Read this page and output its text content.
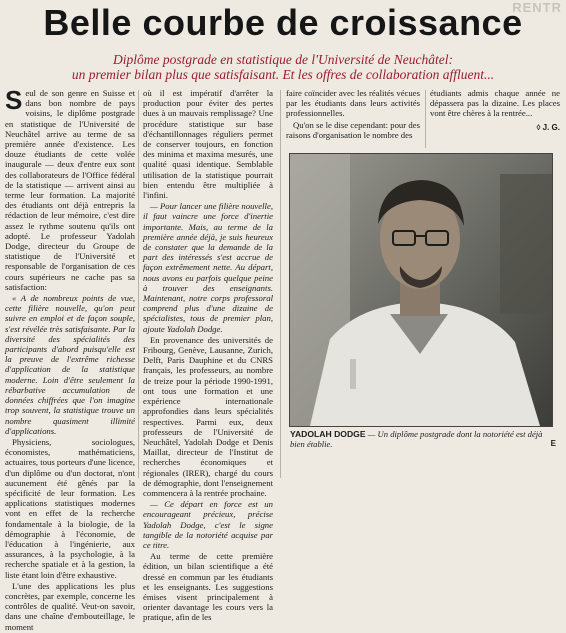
RENTR
Belle courbe de croissance
Diplôme postgrade en statistique de l'Université de Neuchâtel:
un premier bilan plus que satisfaisant. Et les offres de collaboration affluent...

Seul de son genre en Suisse et dans bon nombre de pays voisins, le diplôme postgrade en statistique de l'Université de Neuchâtel arrive au terme de sa première année d'existence. Les douze étudiants de cette volée inaugurale — deux d'entre eux sont des collaborateurs de l'Office fédéral de la statistique — arrivent ainsi au terme leur formation. La majorité des étudiants ont déjà entrepris la rédaction de leur mémoire, c'est dire assez le rythme soutenu qu'ils ont adopté. Le professeur Yadolah Dodge, directeur du Groupe de statistique de l'Université et responsable de l'organisation de ces cours supérieurs ne cache pas sa satisfaction:

« A de nombreux points de vue, cette filière nouvelle, qu'on peut suivre en emploi et de façon souple, s'est révélée très satisfaisante. Par la diversité des spécialités des participants d'abord puisqu'elle est la preuve de l'extrême richesse d'application de la statistique moderne. Loin d'être seulement la rébarbative accumulation de données chiffrées que l'on imagine trop souvent, la statistique trouve un nombre quasiment illimité d'applications.

Physiciens, sociologues, économistes, mathématiciens, actuaires, tous porteurs d'une licence, d'un diplôme ou d'un doctorat, n'ont aucunement été gênés par la spécificité de leur formation. Les applications statistiques modernes vont en effet de la recherche fondamentale à la biologie, de la démographie à l'économie, de l'éducation à l'ingénierie, aux assurances, à la psychologie, à la recherche spatiale et à la gestion, la liste étant loin d'être exhaustive.

L'une des applications les plus concrètes, par exemple, concerne les contrôles de qualité. Veut-on savoir, dans une chaîne d'embouteillage, le moment

où il est impératif d'arrêter la production pour éviter des pertes dues à un mauvais remplissage? Une procédure statistique sur base d'échantillonnages réguliers permet de conserver toujours, en fonction des minima et maxima mesurés, une qualité quasi identique. Semblable utilisation de la statistique pourrait bien entendu être multipliée à l'infini.

— Pour lancer une filière nouvelle, il faut vaincre une force d'inertie importante. Mais, au terme de la première année déjà, je suis heureux de constater que la demande de la part des intéressés s'est accrue de façon extrêmement nette. Au départ, nous avons eu parfois quelque peine à trouver des enseignants. Maintenant, notre corps professoral comprend plus d'une dizaine de spécialistes, tous de premier plan, ajoute Yadolah Dodge.

En provenance des universités de Fribourg, Genève, Lausanne, Zurich, Delft, Paris Dauphine et du CNRS français, les professeurs, au nombre de treize pour la période 1990-1991, ont tous une formation et une expérience internationale approfondies dans leurs spécialités respectives. Parmi eux, deux professeurs de l'Université de Neuchâtel, Yadolah Dodge et Denis Maillat, directeur de l'Institut de recherches économiques et régionales (IRER), chargé du cours de démographie, dont l'enseignement commencera à la rentrée prochaine.

— Ce départ en force est un encourageant précieux, précise Yadolah Dodge, c'est le signe tangible de la notoriété acquise par ce titre.

Au terme de cette première édition, un bilan scientifique a été dressé en commun par les étudiants et les enseignants. Les suggestions émises visent principalement à orienter davantage les cours vers la pratique, afin de les

faire coïncider avec les réalités vécues par les étudiants dans leurs activités professionnelles.

Qu'on se le dise cependant: pour des raisons d'organisation le nombre des

étudiants admis chaque année ne dépassera pas la dizaine. Les places vont être chères à la rentrée...

◊ J. G.
YADOLAH DODGE — Un diplôme postgrade dont la notoriété est déjà bien établie.	E
